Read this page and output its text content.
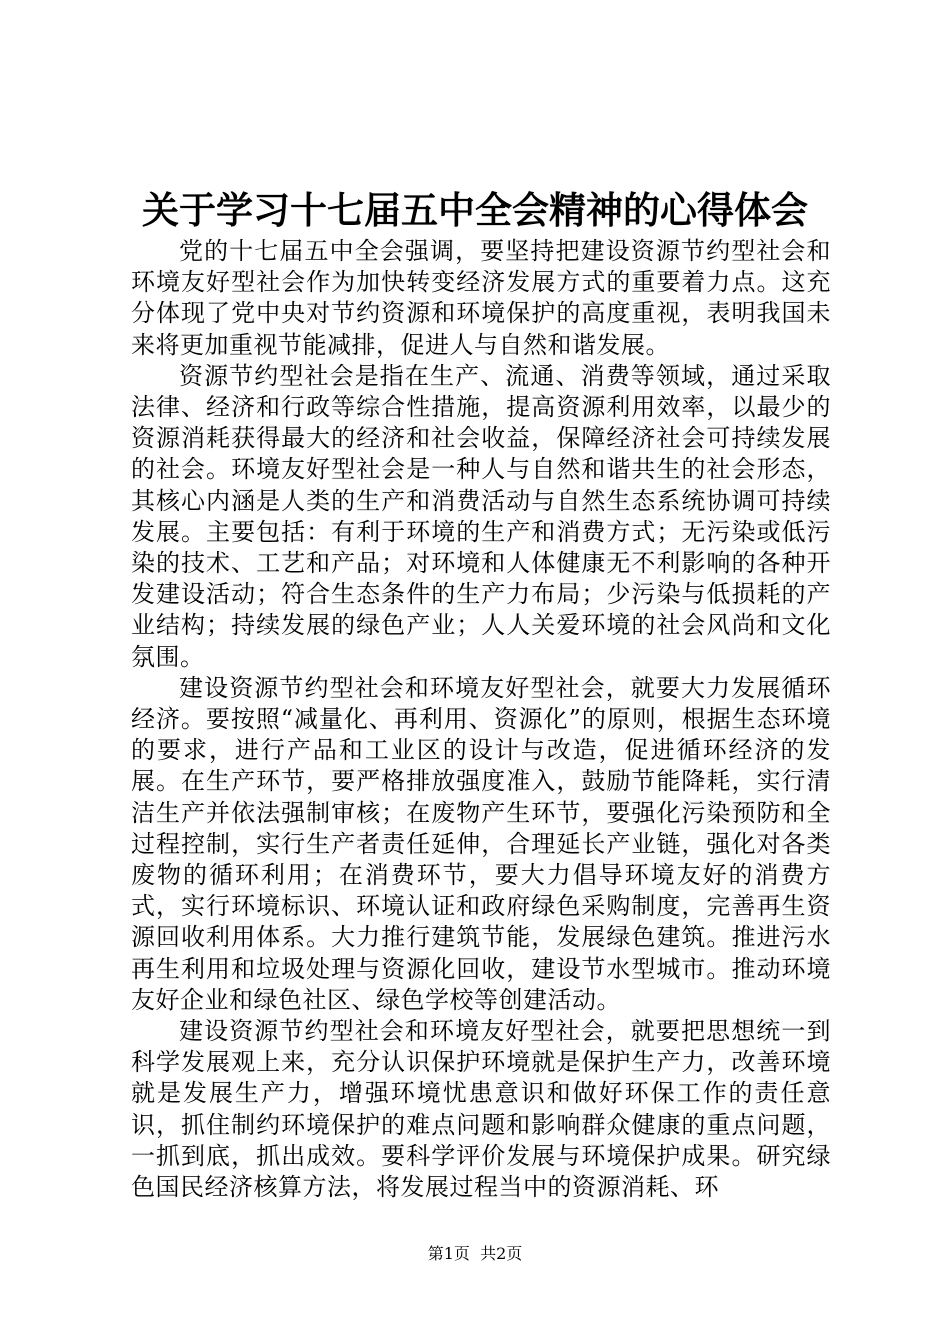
关于学习十七届五中全会精神的心得体会

党的十七届五中全会强调，要坚持把建设资源节约型社会和环境友好型社会作为加快转变经济发展方式的重要着力点。这充分体现了党中央对节约资源和环境保护的高度重视，表明我国未来将更加重视节能减排，促进人与自然和谐发展。

资源节约型社会是指在生产、流通、消费等领域，通过采取法律、经济和行政等综合性措施，提高资源利用效率，以最少的资源消耗获得最大的经济和社会收益，保障经济社会可持续发展的社会。环境友好型社会是一种人与自然和谐共生的社会形态，其核心内涵是人类的生产和消费活动与自然生态系统协调可持续发展。主要包括：有利于环境的生产和消费方式；无污染或低污染的技术、工艺和产品；对环境和人体健康无不利影响的各种开发建设活动；符合生态条件的生产力布局；少污染与低损耗的产业结构；持续发展的绿色产业；人人关爱环境的社会风尚和文化氛围。

建设资源节约型社会和环境友好型社会，就要大力发展循环经济。要按照“减量化、再利用、资源化”的原则，根据生态环境的要求，进行产品和工业区的设计与改造，促进循环经济的发展。在生产环节，要严格排放强度准入，鼓励节能降耗，实行清洁生产并依法强制审核；在废物产生环节，要强化污染预防和全过程控制，实行生产者责任延伸，合理延长产业链，强化对各类废物的循环利用；在消费环节，要大力倡导环境友好的消费方式，实行环境标识、环境认证和政府绿色采购制度，完善再生资源回收利用体系。大力推行建筑节能，发展绿色建筑。推进污水再生利用和垃圾处理与资源化回收，建设节水型城市。推动环境友好企业和绿色社区、绿色学校等创建活动。

建设资源节约型社会和环境友好型社会，就要把思想统一到科学发展观上来，充分认识保护环境就是保护生产力，改善环境就是发展生产力，增强环境忧患意识和做好环保工作的责任意识，抓住制约环境保护的难点问题和影响群众健康的重点问题，一抓到底，抓出成效。要科学评价发展与环境保护成果。研究绿色国民经济核算方法，将发展过程当中的资源消耗、环

第1页 共2页
